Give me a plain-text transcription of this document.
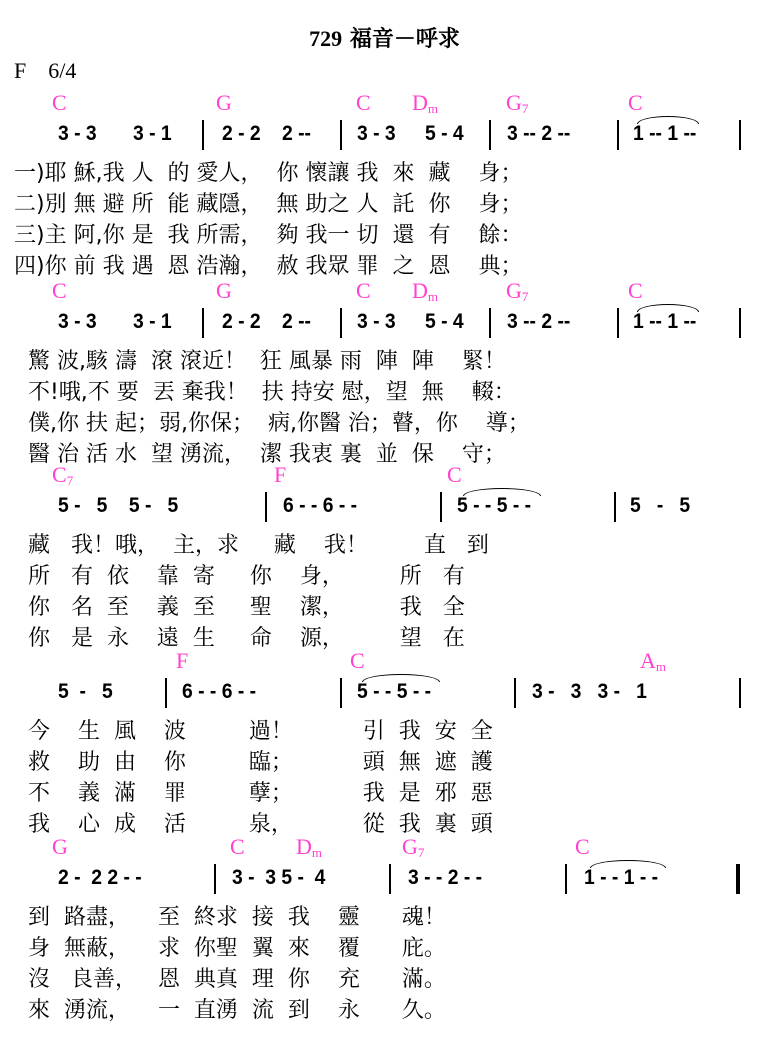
729 福音－呼求
F 6/4
C	G	C $D_m$	$G_7$	C
3 - 3 3 - 1 2 - 2 2 -- 3 - 3 5 - 4 3 -- 2 --	1 -- 1 --
一)耶 穌,我 人  的 愛人，  你 懷讓 我  來  藏    身；
二)別 無 避 所  能 藏隱，  無 助之 人  託  你    身；
三)主 阿,你 是  我 所需，  夠 我一 切  還  有    餘：
四)你 前 我 遇  恩 浩瀚，  赦 我眾 罪  之  恩    典；
C	G	C $D_m$	$G_7$	C
3 - 3 3 - 1 2 - 2 2 -- 3 - 3 5 - 4 3 -- 2 --	1 -- 1 --
驚 波,駭 濤  滾 滾近！  狂 風暴 雨  陣  陣    緊！
不!哦,不 要  丟 棄我！  扶 持安 慰，望  無    輟：
僕,你 扶 起；弱,你保；  病,你醫 治；瞽，你    導；
醫 治 活 水  望 湧流，  潔 我衷 裏  並  保    守；
$C_7$	F	C
5 -   5    5 -   5	6 - - 6 - -	5 - - 5 - -	5   -   5
藏   我！哦，  主，求     藏    我！        直   到
所   有  依    靠  寄     你    身，        所   有
你   名  至    義  至     聖    潔，        我   全
你   是  永    遠  生     命    源，        望   在
F	C	$A_m$
5  -   5	6 - - 6 - -	5 - - 5 - -	3 -   3   3 -   1
今    生  風    波         過！          引  我  安  全
救    助  由    你         臨；          頭  無  遮  護
不    義  滿    罪         孽；          我  是  邪  惡
我    心  成    活         泉，          從  我  裏  頭
G	C $D_m$	$G_7$	C
2 -  2 2 - -	3 -  3 5 -  4	3 - - 2 - -	1 - - 1 - -
到  路盡，    至  終求  接  我    靈      魂！
身  無蔽，    求  你聖  翼  來    覆      庇。
沒   良善，   恩  典真  理  你    充      滿。
來  湧流，    一  直湧  流  到    永      久。
